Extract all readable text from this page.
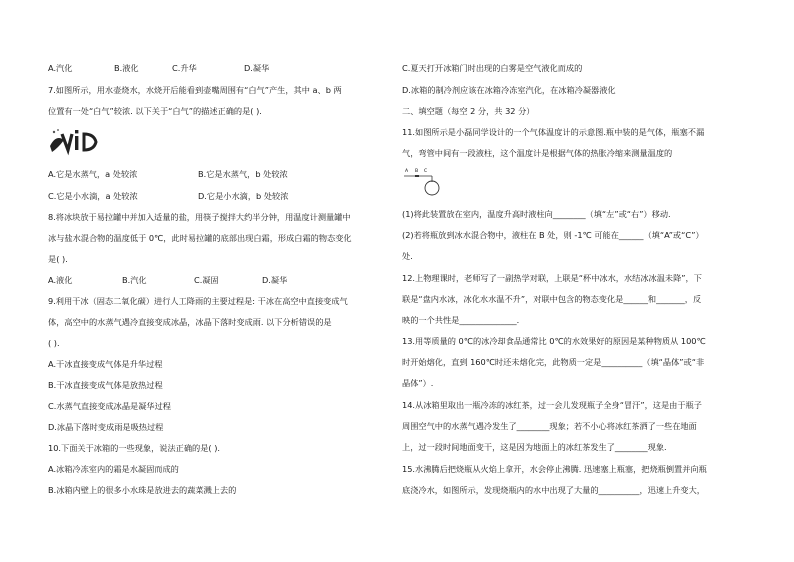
A.汽化	B.液化	C.升华	D.凝华
7.如图所示，用水壶烧水，水烧开后能看到壶嘴周围有“白气”产生，其中 a、b 两
位置有一处“白气”较浓. 以下关于“白气”的描述正确的是( ).
A.它是水蒸气，a 处较浓	B.它是水蒸气，b 处较浓
C.它是小水滴，a 处较浓	D.它是小水滴，b 处较浓
8.将冰块放于易拉罐中并加入适量的盐，用筷子搅拌大约半分钟，用温度计测量罐中
冰与盐水混合物的温度低于 0℃，此时易拉罐的底部出现白霜，形成白霜的物态变化
是( ).
A.液化	B.汽化	C.凝固	D.凝华
9.利用干冰（固态二氧化碳）进行人工降雨的主要过程是: 干冰在高空中直接变成气
体，高空中的水蒸气遇冷直接变成冰晶，冰晶下落时变成雨. 以下分析错误的是
( ).
A.干冰直接变成气体是升华过程
B.干冰直接变成气体是放热过程
C.水蒸气直接变成冰晶是凝华过程
D.冰晶下落时变成雨是吸热过程
10.下面关于冰箱的一些现象，说法正确的是( ).
A.冰箱冷冻室内的霜是水凝固而成的
B.冰箱内壁上的很多小水珠是放进去的蔬菜溅上去的
C.夏天打开冰箱门时出现的白雾是空气液化而成的
D.冰箱的制冷剂应该在冰箱冷冻室汽化，在冰箱冷凝器液化
二、填空题（每空 2 分，共 32 分）
11.如图所示是小磊同学设计的一个气体温度计的示意图.瓶中装的是气体，瓶塞不漏
气，弯管中间有一段液柱，这个温度计是根据气体的热胀冷缩来测量温度的
A B C
(1)将此装置放在室内，温度升高时液柱向________（填“左”或“右”）移动.
(2)若将瓶放到冰水混合物中，液柱在 B 处，则 -1℃ 可能在______（填“A”或“C”）
处.
12.上物理课时，老师写了一副热学对联，上联是“杯中冰水，水结冰冰温未降”，下
联是“盘内水冰，冰化水水温不升”，对联中包含的物态变化是______和_______，反
映的一个共性是______________.
13.用等质量的 0℃的冰冷却食品通常比 0℃的水效果好的原因是某种物质从 100℃
时开始熔化，直到 160℃时还未熔化完，此物质一定是__________（填“晶体”或“非
晶体”）.
14.从冰箱里取出一瓶冷冻的冰红茶，过一会儿发现瓶子全身“冒汗”，这是由于瓶子
周围空气中的水蒸气遇冷发生了________现象；若不小心将冰红茶洒了一些在地面
上，过一段时间地面变干，这是因为地面上的冰红茶发生了________现象.
15.水沸腾后把烧瓶从火焰上拿开，水会停止沸腾. 迅速塞上瓶塞，把烧瓶倒置并向瓶
底浇冷水，如图所示，发现烧瓶内的水中出现了大量的__________，迅速上升变大，
